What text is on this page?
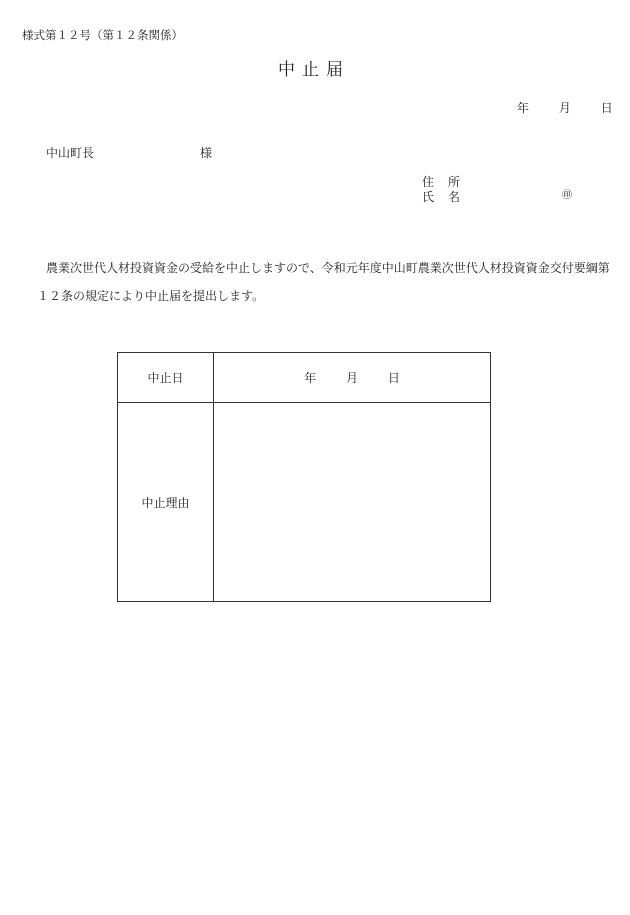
様式第１２号（第１２条関係）
中止届
年 月 日
中山町長	様
住　所
氏　名	㊞
農業次世代人材投資資金の受給を中止しますので、令和元年度中山町農業次世代人材投資資金交付要綱第
１２条の規定により中止届を提出します。
中止日	年 月 日
中止理由	
